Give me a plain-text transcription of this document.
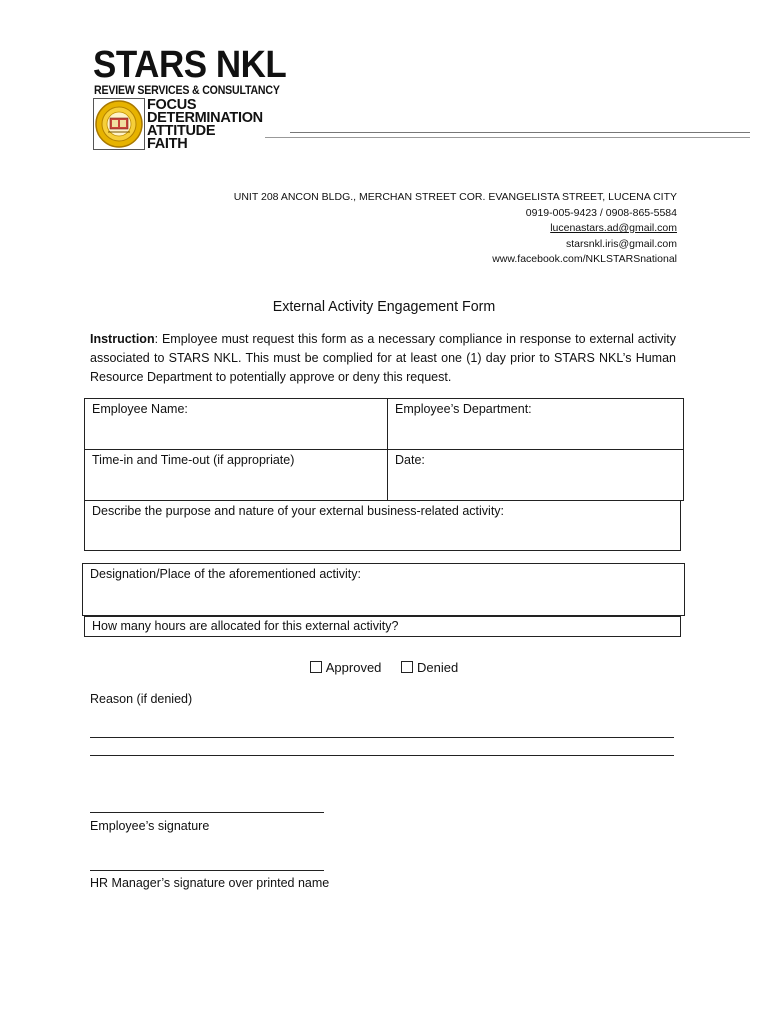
STARS NKL
REVIEW SERVICES & CONSULTANCY
FOCUS
DETERMINATION
ATTITUDE
FAITH
UNIT 208 ANCON BLDG., MERCHAN STREET COR. EVANGELISTA STREET, LUCENA CITY
0919-005-9423 / 0908-865-5584
lucenastars.ad@gmail.com
starsnkl.iris@gmail.com
www.facebook.com/NKLSTARSnational
External Activity Engagement Form
Instruction: Employee must request this form as a necessary compliance in response to external activity associated to STARS NKL. This must be complied for at least one (1) day prior to STARS NKL’s Human Resource Department to potentially approve or deny this request.
Employee Name:	Employee’s Department:
Time-in and Time-out (if appropriate)	Date:
Describe the purpose and nature of your external business-related activity:
Designation/Place of the aforementioned activity:
How many hours are allocated for this external activity?
Approved	Denied
Reason (if denied)
Employee’s signature
HR Manager’s signature over printed name
